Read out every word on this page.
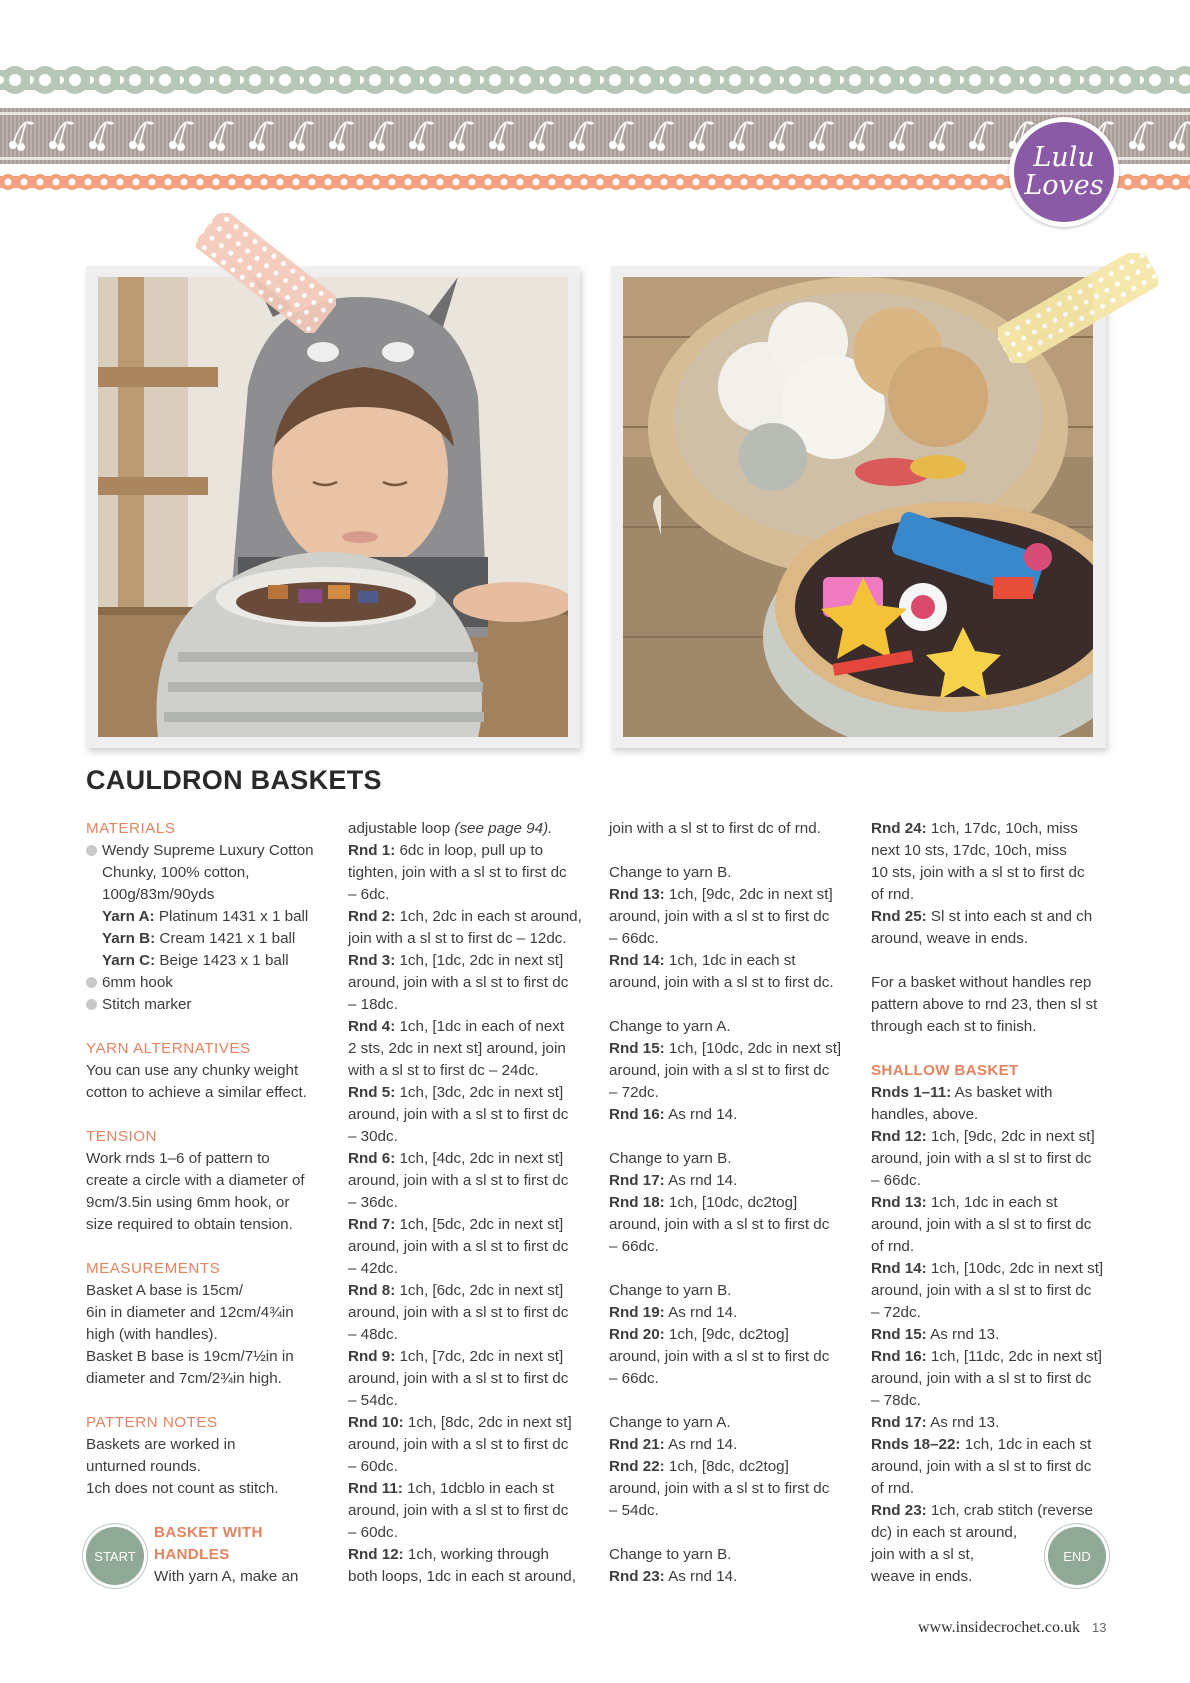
Lulu
Loves
CAULDRON BASKETS
MATERIALS
Wendy Supreme Luxury Cotton
Chunky, 100% cotton,
100g/83m/90yds
Yarn A: Platinum 1431 x 1 ball
Yarn B: Cream 1421 x 1 ball
Yarn C: Beige 1423 x 1 ball
6mm hook
Stitch marker
YARN ALTERNATIVES
You can use any chunky weight
cotton to achieve a similar effect.
TENSION
Work rnds 1–6 of pattern to
create a circle with a diameter of
9cm/3.5in using 6mm hook, or
size required to obtain tension.
MEASUREMENTS
Basket A base is 15cm/
6in in diameter and 12cm/4¾in
high (with handles).
Basket B base is 19cm/7½in in
diameter and 7cm/2¾in high.
PATTERN NOTES
Baskets are worked in
unturned rounds.
1ch does not count as stitch.
BASKET WITH
HANDLES
With yarn A, make an
START
adjustable loop (see page 94).
Rnd 1: 6dc in loop, pull up to
tighten, join with a sl st to first dc
– 6dc.
Rnd 2: 1ch, 2dc in each st around,
join with a sl st to first dc – 12dc.
Rnd 3: 1ch, [1dc, 2dc in next st]
around, join with a sl st to first dc
– 18dc.
Rnd 4: 1ch, [1dc in each of next
2 sts, 2dc in next st] around, join
with a sl st to first dc – 24dc.
Rnd 5: 1ch, [3dc, 2dc in next st]
around, join with a sl st to first dc
– 30dc.
Rnd 6: 1ch, [4dc, 2dc in next st]
around, join with a sl st to first dc
– 36dc.
Rnd 7: 1ch, [5dc, 2dc in next st]
around, join with a sl st to first dc
– 42dc.
Rnd 8: 1ch, [6dc, 2dc in next st]
around, join with a sl st to first dc
– 48dc.
Rnd 9: 1ch, [7dc, 2dc in next st]
around, join with a sl st to first dc
– 54dc.
Rnd 10: 1ch, [8dc, 2dc in next st]
around, join with a sl st to first dc
– 60dc.
Rnd 11: 1ch, 1dcblo in each st
around, join with a sl st to first dc
– 60dc.
Rnd 12: 1ch, working through
both loops, 1dc in each st around,
join with a sl st to first dc of rnd.
Change to yarn B.
Rnd 13: 1ch, [9dc, 2dc in next st]
around, join with a sl st to first dc
– 66dc.
Rnd 14: 1ch, 1dc in each st
around, join with a sl st to first dc.
Change to yarn A.
Rnd 15: 1ch, [10dc, 2dc in next st]
around, join with a sl st to first dc
– 72dc.
Rnd 16: As rnd 14.
Change to yarn B.
Rnd 17: As rnd 14.
Rnd 18: 1ch, [10dc, dc2tog]
around, join with a sl st to first dc
– 66dc.
Change to yarn B.
Rnd 19: As rnd 14.
Rnd 20: 1ch, [9dc, dc2tog]
around, join with a sl st to first dc
– 66dc.
Change to yarn A.
Rnd 21: As rnd 14.
Rnd 22: 1ch, [8dc, dc2tog]
around, join with a sl st to first dc
– 54dc.
Change to yarn B.
Rnd 23: As rnd 14.
Rnd 24: 1ch, 17dc, 10ch, miss
next 10 sts, 17dc, 10ch, miss
10 sts, join with a sl st to first dc
of rnd.
Rnd 25: Sl st into each st and ch
around, weave in ends.
For a basket without handles rep
pattern above to rnd 23, then sl st
through each st to finish.
SHALLOW BASKET
Rnds 1–11: As basket with
handles, above.
Rnd 12: 1ch, [9dc, 2dc in next st]
around, join with a sl st to first dc
– 66dc.
Rnd 13: 1ch, 1dc in each st
around, join with a sl st to first dc
of rnd.
Rnd 14: 1ch, [10dc, 2dc in next st]
around, join with a sl st to first dc
– 72dc.
Rnd 15: As rnd 13.
Rnd 16: 1ch, [11dc, 2dc in next st]
around, join with a sl st to first dc
– 78dc.
Rnd 17: As rnd 13.
Rnds 18–22: 1ch, 1dc in each st
around, join with a sl st to first dc
of rnd.
Rnd 23: 1ch, crab stitch (reverse
dc) in each st around,
join with a sl st,
weave in ends.
END
www.insidecrochet.co.uk 13
